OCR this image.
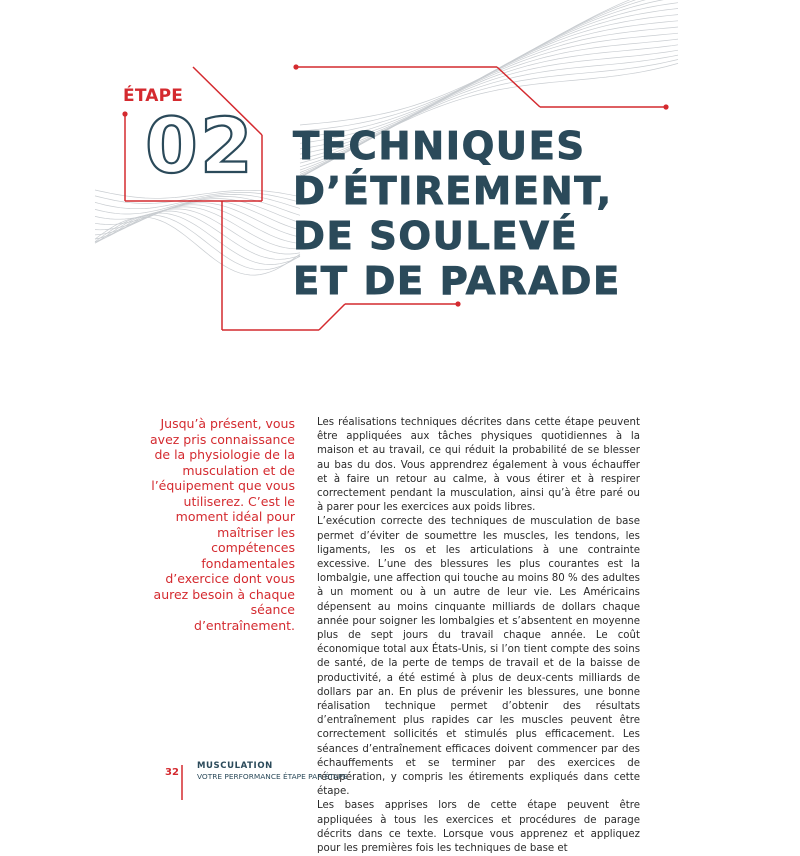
ÉTAPE
02 TECHNIQUES
D’ÉTIREMENT,
DE SOULEVÉ
ET DE PARADE
Jusqu’à présent, vous avez pris connaissance de la physiologie de la musculation et de l’équipement que vous utiliserez. C’est le moment idéal pour maîtriser les compétences fondamentales d’exercice dont vous aurez besoin à chaque séance d’entraînement.

Les réalisations techniques décrites dans cette étape peuvent être appliquées aux tâches physiques quotidiennes à la maison et au travail, ce qui réduit la probabilité de se blesser au bas du dos. Vous apprendrez également à vous échauffer et à faire un retour au calme, à vous étirer et à respirer correctement pendant la musculation, ainsi qu’à être paré ou à parer pour les exercices aux poids libres.

L’exécution correcte des techniques de musculation de base permet d’éviter de soumettre les muscles, les tendons, les ligaments, les os et les articulations à une contrainte excessive. L’une des blessures les plus courantes est la lombalgie, une affection qui touche au moins 80 % des adultes à un moment ou à un autre de leur vie. Les Américains dépensent au moins cinquante milliards de dollars chaque année pour soigner les lombalgies et s’absentent en moyenne plus de sept jours du travail chaque année. Le coût économique total aux États-Unis, si l’on tient compte des soins de santé, de la perte de temps de travail et de la baisse de productivité, a été estimé à plus de deux-cents milliards de dollars par an. En plus de prévenir les blessures, une bonne réalisation technique permet d’obtenir des résultats d’entraînement plus rapides car les muscles peuvent être correctement sollicités et stimulés plus efficacement. Les séances d’entraînement efficaces doivent commencer par des échauffements et se terminer par des exercices de récupération, y compris les étirements expliqués dans cette étape.

Les bases apprises lors de cette étape peuvent être appliquées à tous les exercices et procédures de parage décrits dans ce texte. Lorsque vous apprenez et appliquez pour les premières fois les techniques de base et

32
MUSCULATION
VOTRE PERFORMANCE ÉTAPE PAR ÉTAPE
